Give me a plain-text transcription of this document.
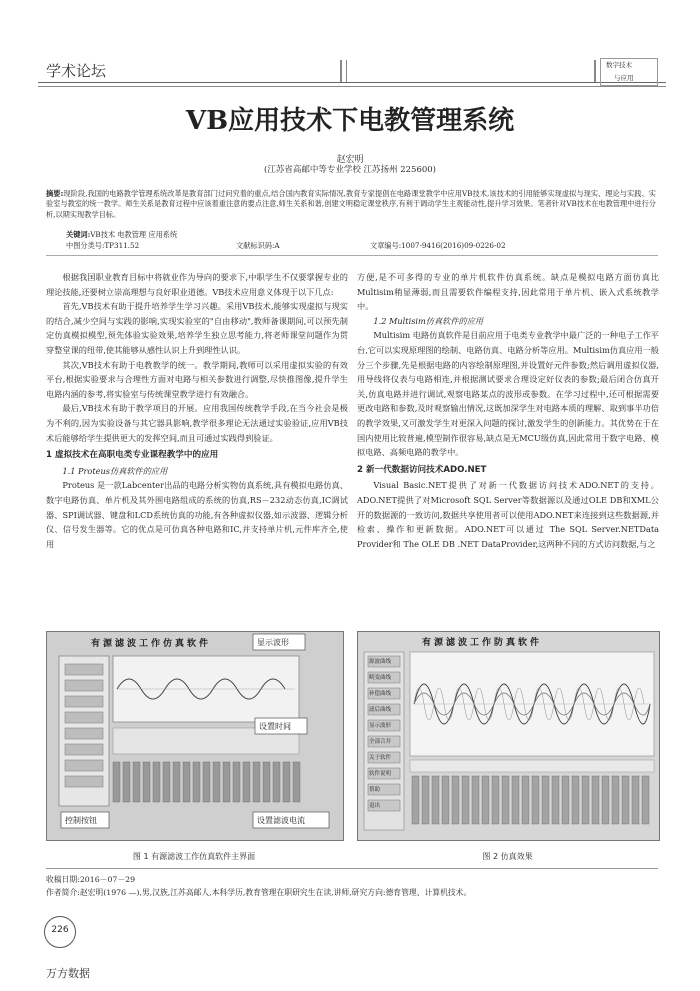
学术论坛	数字技术
与应用
VB应用技术下电教管理系统
赵宏明
(江苏省高邮中等专业学校 江苏扬州 225600)
摘要:现阶段,我国的电路教学管理系统改革是教育部门过问究着的重点,结合国内教育实际情况,教育专家提倡在电路课堂教学中应用VB技术,该技术的引用能够实现虚拟与现实、理论与实践、实验室与教室的统一教学。师生关系是教育过程中应该着重注意的要点注意,师生关系和谐,创建文明稳定课堂秩序,有利于调动学生主观能动性,提升学习效果。笔者针对VB技术在电教管理中进行分析,以期实现教学目标。
关键词:VB技术 电教管理 应用系统
中图分类号:TP311.52	文献标识码:A	文章编号:1007-9416(2016)09-0226-02

根据我国职业教育目标中将就业作为导向的要求下,中职学生不仅要掌握专业的理论技能,还要树立崇高理想与良好职业道德。VB技术应用意义体现于以下几点:

首先,VB技术有助于提升培养学生学习兴趣。采用VB技术,能够实现虚拟与现实的结合,减少空间与实践的影响,实现实验室的"自由移动",教师备课期间,可以预先制定仿真模拟模型,预先体验实验效果,培养学生独立思考能力,将老师课堂问题作为贯穿整堂课的纽带,使其能够从感性认识上升到理性认识。

其次,VB技术有助于电教教学的统一。教学期间,教师可以采用虚拟实验的有效平台,根据实验要求与合理性方面对电路与相关参数进行调整,尽快推图像,提升学生电路内涵的参考,将实验室与传统课堂教学进行有效融合。

最后,VB技术有助于教学项目的开展。应用我国传统教学手段,在当今社会是极为不利的,因为实验设备与其它器具影响,教学很多理论无法通过实验验证,应用VB技术后能够给学生提供更大的发挥空间,而且可通过实践得到验证。

1 虚拟技术在高职电类专业课程教学中的应用

1.1 Proteus仿真软件的应用

Proteus 是一款Labcenter出品的电路分析实物仿真系统,具有模拟电路仿真、数字电路仿真、单片机及其外围电路组成的系统的仿真,RS－232动态仿真,IC调试器、SPI调试器、键盘和LCD系统仿真的功能,有各种虚拟仪器,如示波器、逻辑分析仪、信号发生器等。它的优点是可仿真各种电路和IC,并支持单片机,元件库齐全,使用

方便,是不可多得的专业的单片机软件仿真系统。缺点是模拟电路方面仿真比Multisim稍显薄弱,而且需要软件编程支持,因此常用于单片机、嵌入式系统教学中。

1.2 Multisim仿真软件的应用

Multisim 电路仿真软件是目前应用于电类专业教学中最广泛的一种电子工作平台,它可以实现原理图的绘制、电路仿真、电路分析等应用。Multisim仿真应用一般分三个步骤,先是根据电路的内容绘制原理图,并设置好元件参数;然后调用虚拟仪器,用导线将仪表与电路相连,并根据测试要求合理设定好仪表的参数;最后闭合仿真开关,仿真电路并进行调试,观察电路某点的波形或参数。在学习过程中,还可根据需要更改电路和参数,及时观察输出情况,这既加深学生对电路本质的理解、取到事半功倍的教学效果,又可激发学生对更深入问题的探讨,激发学生的创新能力。其优势在于在国内使用比较普遍,模型制作很容易,缺点是无MCU级仿真,因此常用于数字电路、模拟电路、高频电路的教学中。

2 新一代数据访问技术ADO.NET

Visual Basic.NET提供了对新一代数据访问技术ADO.NET的支持。ADO.NET提供了对Microsoft SQL Server等数据源以及通过OLE DB和XML公开的数据源的一致访问,数据共享使用者可以使用ADO.NET来连接到这些数据源,并检索、操作和更新数据。ADO.NET可以通过 The SQL Server.NETData Provider和 The OLE DB .NET DataProvider,这两种不同的方式访问数据,与之

有源滤波工作仿真软件	显示波形
设置时间
控制按钮	设置滤波电流
有源滤波工作防真软件
源波曲线
畸变曲线
补偿曲线
滤后曲线
显示波形
全部合并
关于软件
软件说明
帮助
退出
图 1 有源滤波工作仿真软件主界面	图 2 仿真效果
收稿日期:2016－07－29
作者简介:赵宏明(1976 —),男,汉族,江苏高邮人,本科学历,教育管理在职研究生在读,讲师,研究方向:德育管理、计算机技术。
226
万方数据
